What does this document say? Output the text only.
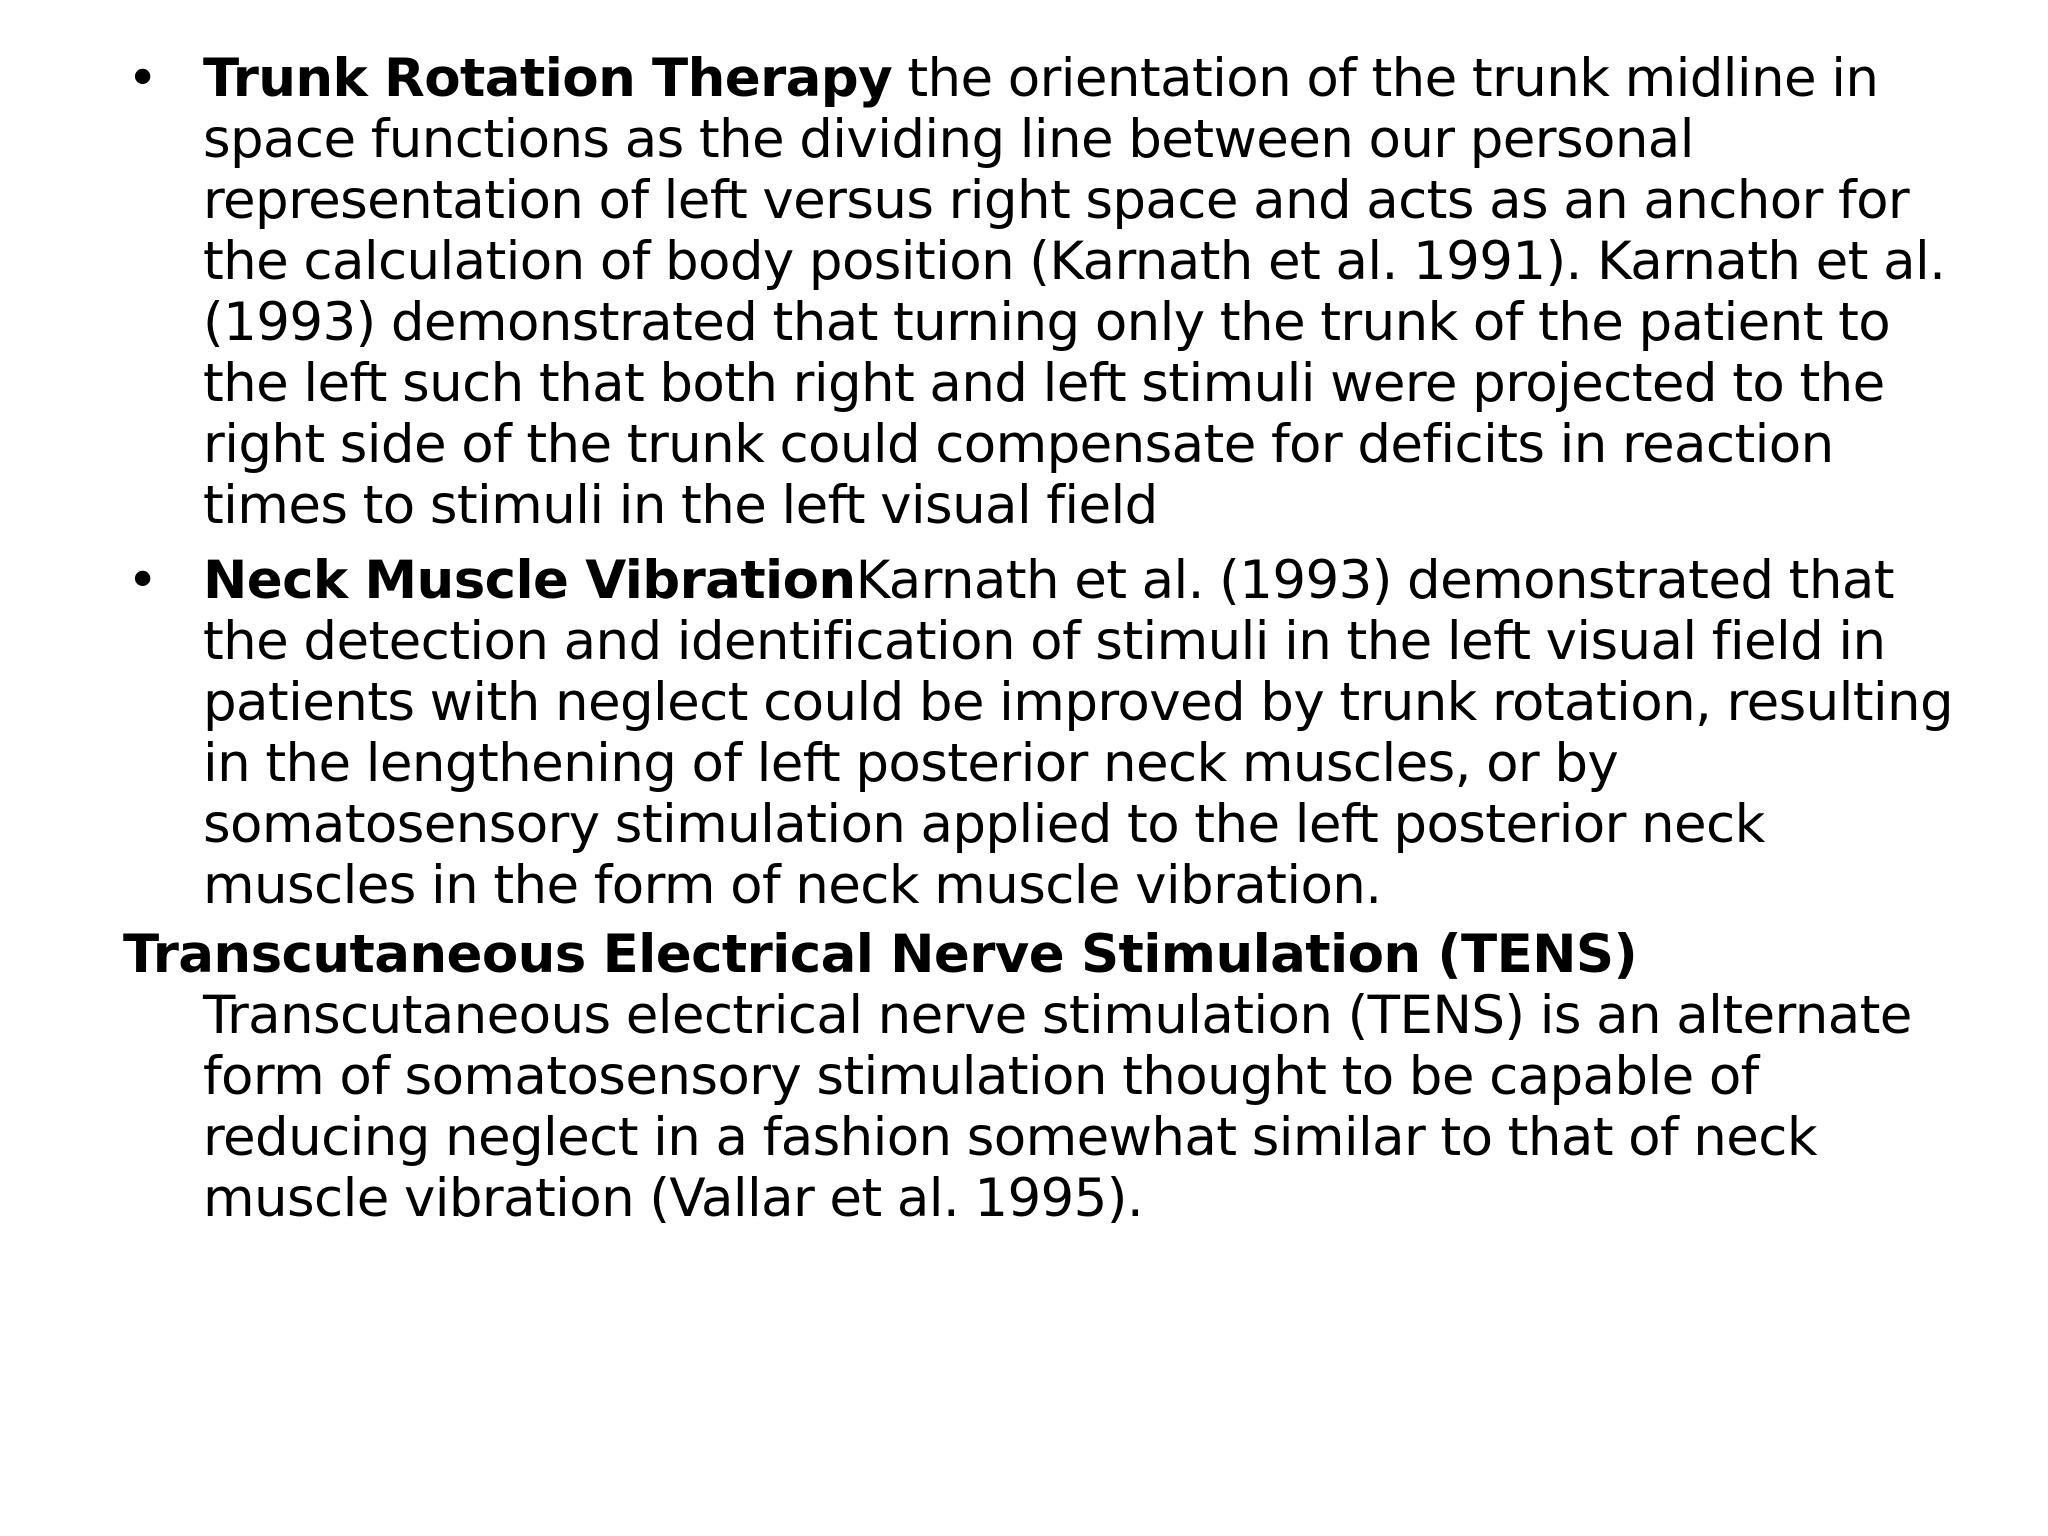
• Trunk Rotation Therapy the orientation of the trunk midline in space functions as the dividing line between our personal representation of left versus right space and acts as an anchor for the calculation of body position (Karnath et al. 1991). Karnath et al. (1993) demonstrated that turning only the trunk of the patient to the left such that both right and left stimuli were projected to the right side of the trunk could compensate for deficits in reaction times to stimuli in the left visual field

• Neck Muscle VibrationKarnath et al. (1993) demonstrated that the detection and identification of stimuli in the left visual field in patients with neglect could be improved by trunk rotation, resulting in the lengthening of left posterior neck muscles, or by somatosensory stimulation applied to the left posterior neck muscles in the form of neck muscle vibration.

Transcutaneous Electrical Nerve Stimulation (TENS) Transcutaneous electrical nerve stimulation (TENS) is an alternate form of somatosensory stimulation thought to be capable of reducing neglect in a fashion somewhat similar to that of neck muscle vibration (Vallar et al. 1995).
